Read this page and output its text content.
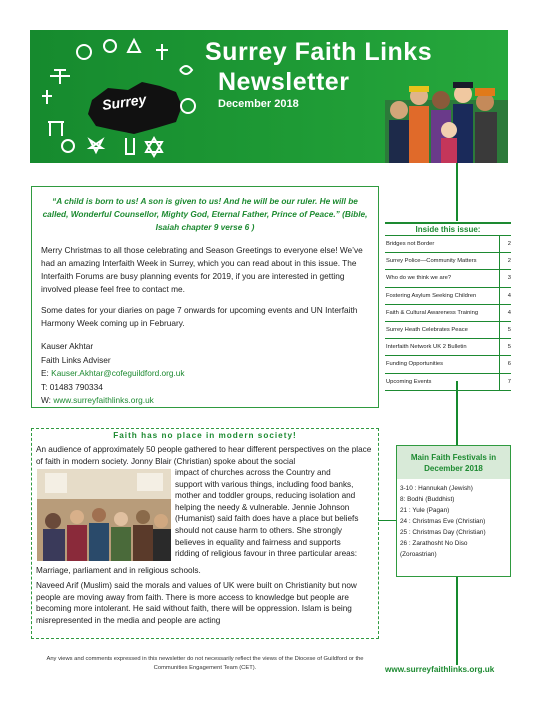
Surrey
Surrey Faith Links
Newsletter
December 2018
“A child is born to us! A son is given to us! And he will be our ruler. He will be called, Wonderful Counsellor, Mighty God, Eternal Father, Prince of Peace.” (Bible, Isaiah chapter 9 verse 6 )
Merry Christmas to all those celebrating and Season Greetings to everyone else! We’ve had an amazing Interfaith Week in Surrey, which you can read about in this issue. The Interfaith Forums are busy planning events for 2019, if you are interested in getting involved please feel free to contact me.
Some dates for your diaries on page 7 onwards for upcoming events and UN Interfaith Harmony Week coming up in February.
Kauser Akhtar
Faith Links Adviser
E: Kauser.Akhtar@cofeguildford.org.uk
T: 01483 790334
W: www.surreyfaithlinks.org.uk
Inside this issue:
Bridges not Border	2
Surrey Police—Community Matters	2
Who do we think we are?	3
Fostering Asylum Seeking Children	4
Faith & Cultural Awareness Training	4
Surrey Heath Celebrates Peace	5
Interfaith Network UK 2 Bulletin	5
Funding Opportunities	6
Upcoming Events	7
Main Faith Festivals in December 2018
3-10 : Hannukah (Jewish)
8: Bodhi (Buddhist)
21 : Yule (Pagan)
24 : Christmas Eve (Christian)
25 : Christmas Day (Christian)
26 : Zarathosht No Diso
(Zoroastrian)
Faith has no place in modern society!
An audience of approximately 50 people gathered to hear different perspectives on the place of faith in modern society. Jonny Blair (Christian) spoke about the social
impact of churches across the Country and
support with various things, including food banks,
mother and toddler groups, reducing isolation and
helping the needy & vulnerable. Jennie Johnson
(Humanist) said faith does have a place but beliefs
should not cause harm to others. She strongly
believes in equality and fairness and supports
ridding of religious favour in three particular areas:
Marriage, parliament and in religious schools.
Naveed Arif (Muslim) said the morals and values of UK were built on Christianity but now people are moving away from faith. There is more access to knowledge but people are becoming more intolerant. He said without faith, there will be oppression. Islam is being misrepresented in the media and people are acting
Any views and comments expressed in this newsletter do not necessarily reflect the views of the Diocese of Guildford or the Communities Engagement Team (CET).	www.surreyfaithlinks.org.uk
